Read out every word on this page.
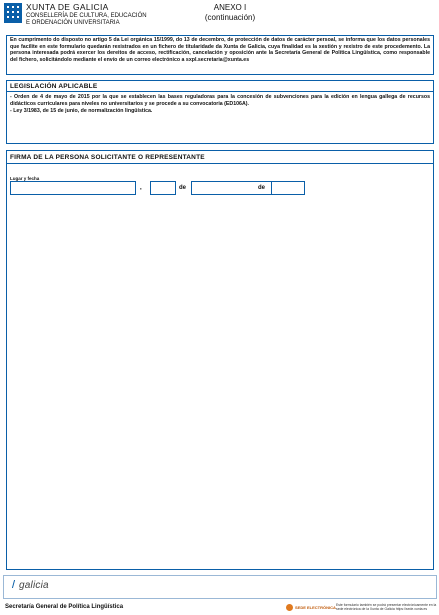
XUNTA DE GALICIA
CONSELLERÍA DE CULTURA, EDUCACIÓN
E ORDENACIÓN UNIVERSITARIA
ANEXO I
(continuación)
En cumprimento do disposto no artigo 5 da Lei orgánica 15/1999, do 13 de decembro, de protección de datos de carácter persoal, se informa que los datos personales que facilite en este formulario quedarán rexistrados en un fichero de titularidade da Xunta de Galicia, cuya finalidad es la xestión y rexistro de este procedemento. La persona interesada podrá exercer los dereitos de acceso, rectificación, cancelación y oposición ante la Secretaría General de Política Lingüística, como responsable del fichero, solicitándolo mediante el envío de un correo electrónico a sxpl.secretaria@xunta.es
LEGISLACIÓN APLICABLE
- Orden de 4 de mayo de 2015 por la que se establecen las bases reguladoras para la concesión de subvenciones para la edición en lengua gallega de recursos didácticos curriculares para niveles no universitarios y se procede a su convocatoria (ED106A).
- Ley 3/1983, de 15 de junio, de normalización lingüística.
FIRMA DE LA PERSONA SOLICITANTE O REPRESENTANTE
Lugar y fecha
,	de	de
galicia
Secretaría General de Política Lingüística	SEDE ELECTRÓNICA Este formulario también se podrá presentar electrónicamente en la sede electrónica de la Xunta de Galicia https://sede.xunta.es
